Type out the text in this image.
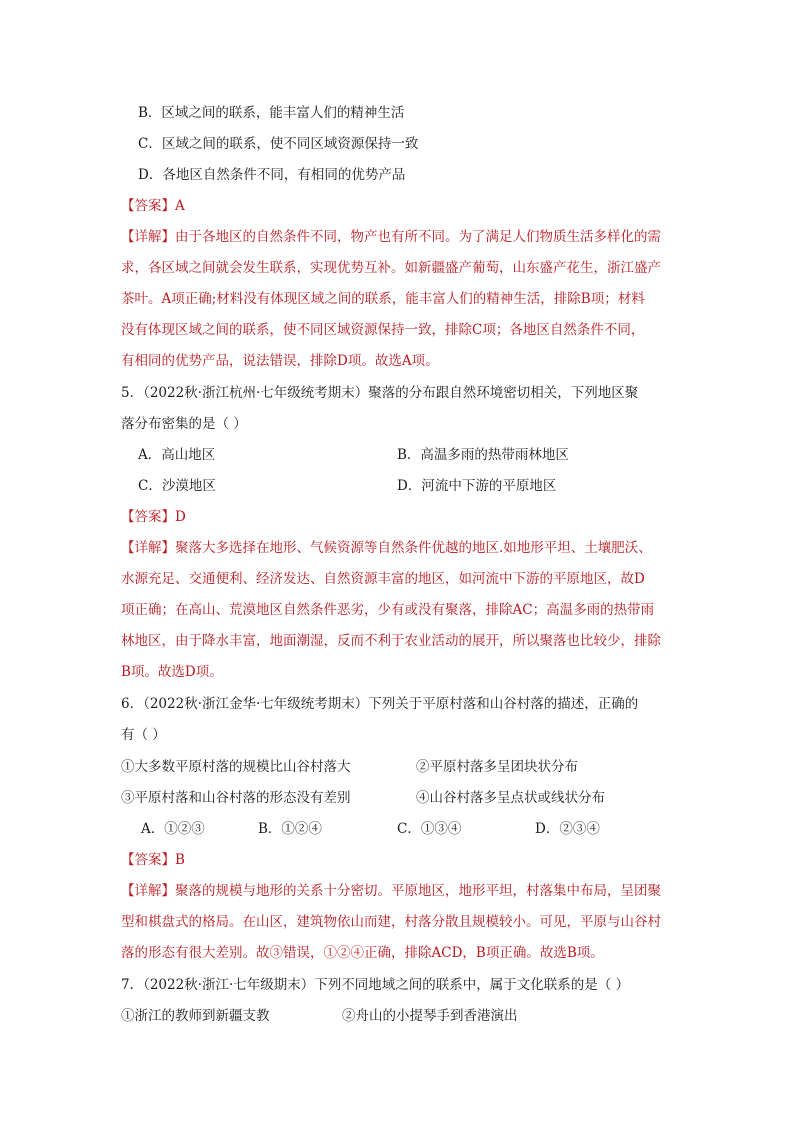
B．区域之间的联系，能丰富人们的精神生活
C．区域之间的联系，使不同区域资源保持一致
D．各地区自然条件不同，有相同的优势产品
【答案】A
【详解】由于各地区的自然条件不同，物产也有所不同。为了满足人们物质生活多样化的需
求，各区域之间就会发生联系，实现优势互补。如新疆盛产葡萄，山东盛产花生，浙江盛产
茶叶。A项正确;材料没有体现区域之间的联系，能丰富人们的精神生活，排除B项；材料
没有体现区域之间的联系，使不同区域资源保持一致，排除C项；各地区自然条件不同，
有相同的优势产品，说法错误，排除D项。故选A项。
5．（2022秋·浙江杭州·七年级统考期末）聚落的分布跟自然环境密切相关，下列地区聚
落分布密集的是（ ）
A．高山地区	B．高温多雨的热带雨林地区
C．沙漠地区	D．河流中下游的平原地区
【答案】D
【详解】聚落大多选择在地形、气候资源等自然条件优越的地区.如地形平坦、土壤肥沃、
水源充足、交通便利、经济发达、自然资源丰富的地区，如河流中下游的平原地区，故D
项正确；在高山、荒漠地区自然条件恶劣，少有或没有聚落，排除AC；高温多雨的热带雨
林地区，由于降水丰富，地面潮湿，反而不利于农业活动的展开，所以聚落也比较少，排除
B项。故选D项。
6．（2022秋·浙江金华·七年级统考期末）下列关于平原村落和山谷村落的描述，正确的
有（ ）
①大多数平原村落的规模比山谷村落大	②平原村落多呈团块状分布
③平原村落和山谷村落的形态没有差别	④山谷村落多呈点状或线状分布
A．①②③	B．①②④	C．①③④	D．②③④
【答案】B
【详解】聚落的规模与地形的关系十分密切。平原地区，地形平坦，村落集中布局，呈团聚
型和棋盘式的格局。在山区，建筑物依山而建，村落分散且规模较小。可见，平原与山谷村
落的形态有很大差别。故③错误，①②④正确，排除ACD，B项正确。故选B项。
7．（2022秋·浙江·七年级期末）下列不同地域之间的联系中，属于文化联系的是（ ）
①浙江的教师到新疆支教	②舟山的小提琴手到香港演出
